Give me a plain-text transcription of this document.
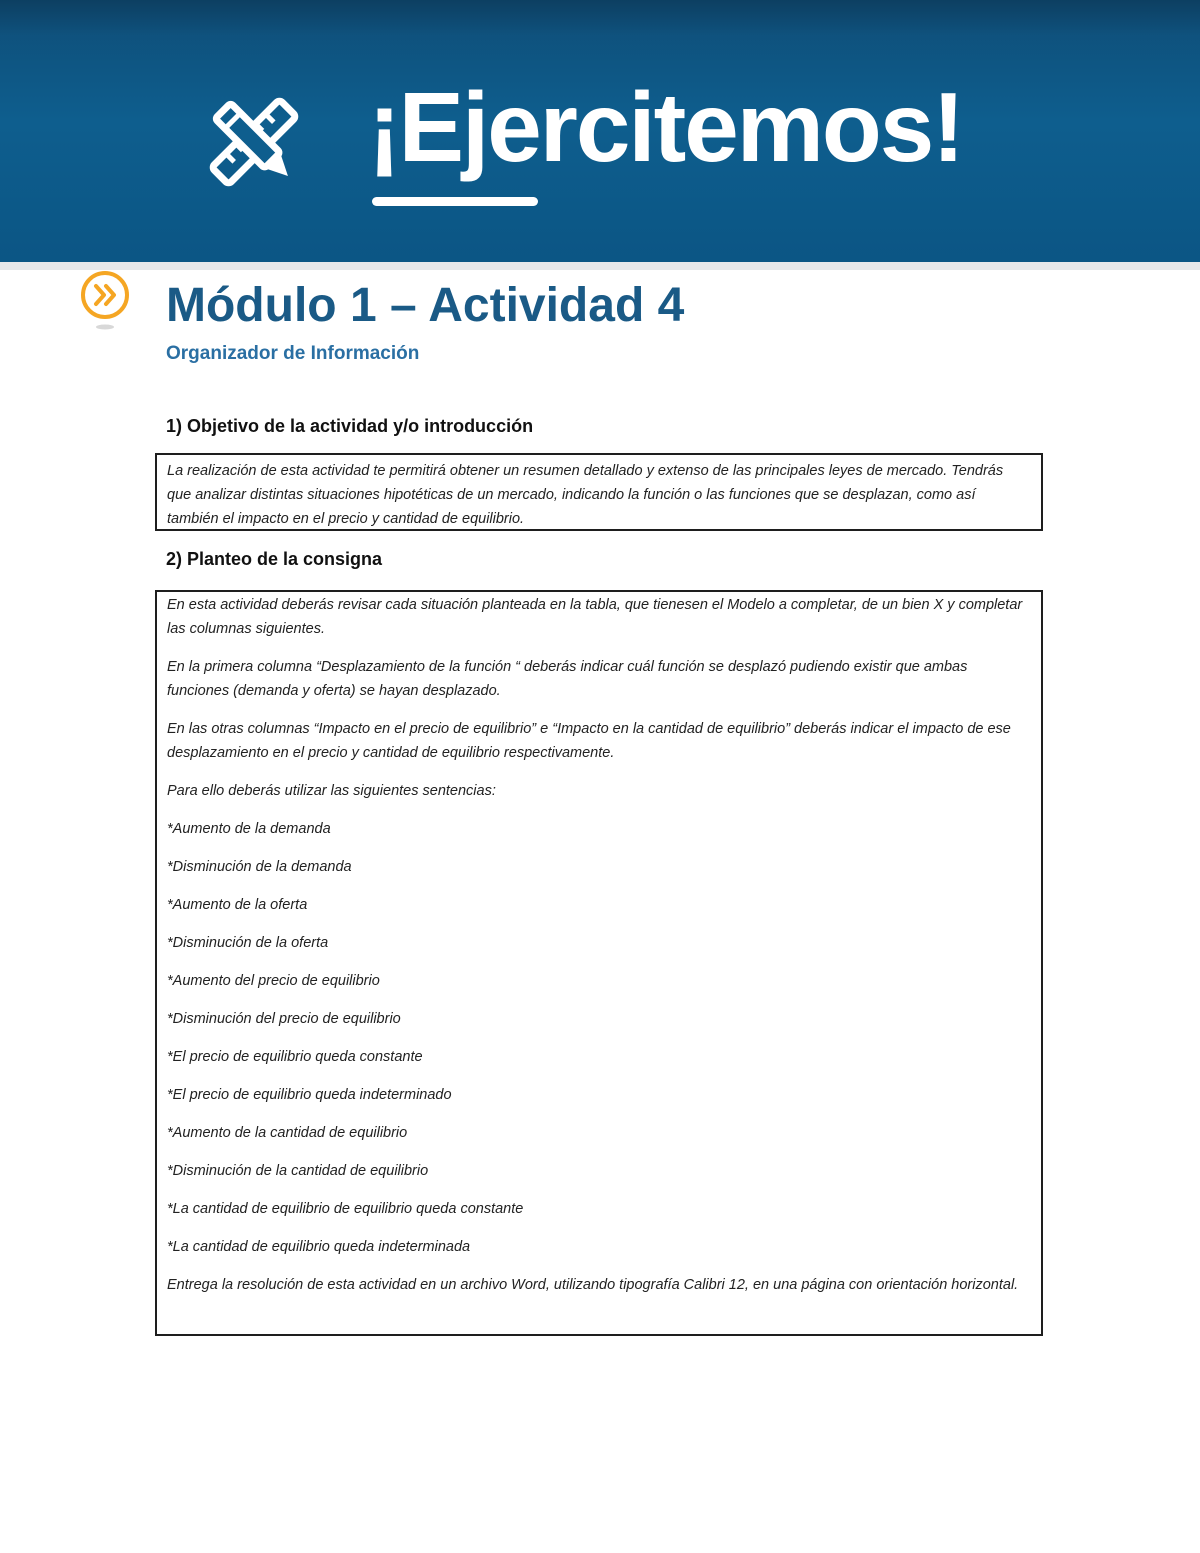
¡Ejercitemos!
Módulo 1 – Actividad 4
Organizador de Información
1) Objetivo de la actividad y/o introducción

La realización de esta actividad te permitirá obtener un resumen detallado y extenso de las principales leyes de mercado. Tendrás que analizar distintas situaciones hipotéticas de un mercado, indicando la función o las funciones que se desplazan, como así también el impacto en el precio y cantidad de equilibrio.

2) Planteo de la consigna

En esta actividad deberás revisar cada situación planteada en la tabla, que tienesen el Modelo a completar, de un bien X y completar las columnas siguientes.

En la primera columna “Desplazamiento de la función “ deberás indicar cuál función se desplazó pudiendo existir que ambas funciones (demanda y oferta) se hayan desplazado.

En las otras columnas “Impacto en el precio de equilibrio” e “Impacto en la cantidad de equilibrio” deberás indicar el impacto de ese desplazamiento en el precio y cantidad de equilibrio respectivamente.

Para ello deberás utilizar las siguientes sentencias:

*Aumento de la demanda

*Disminución de la demanda

*Aumento de la oferta

*Disminución de la oferta

*Aumento del precio de equilibrio

*Disminución del precio de equilibrio

*El precio de equilibrio queda constante

*El precio de equilibrio queda indeterminado

*Aumento de la cantidad de equilibrio

*Disminución de la cantidad de equilibrio

*La cantidad de equilibrio de equilibrio queda constante

*La cantidad de equilibrio queda indeterminada

Entrega la resolución de esta actividad en un archivo Word, utilizando tipografía Calibri 12, en una página con orientación horizontal.
